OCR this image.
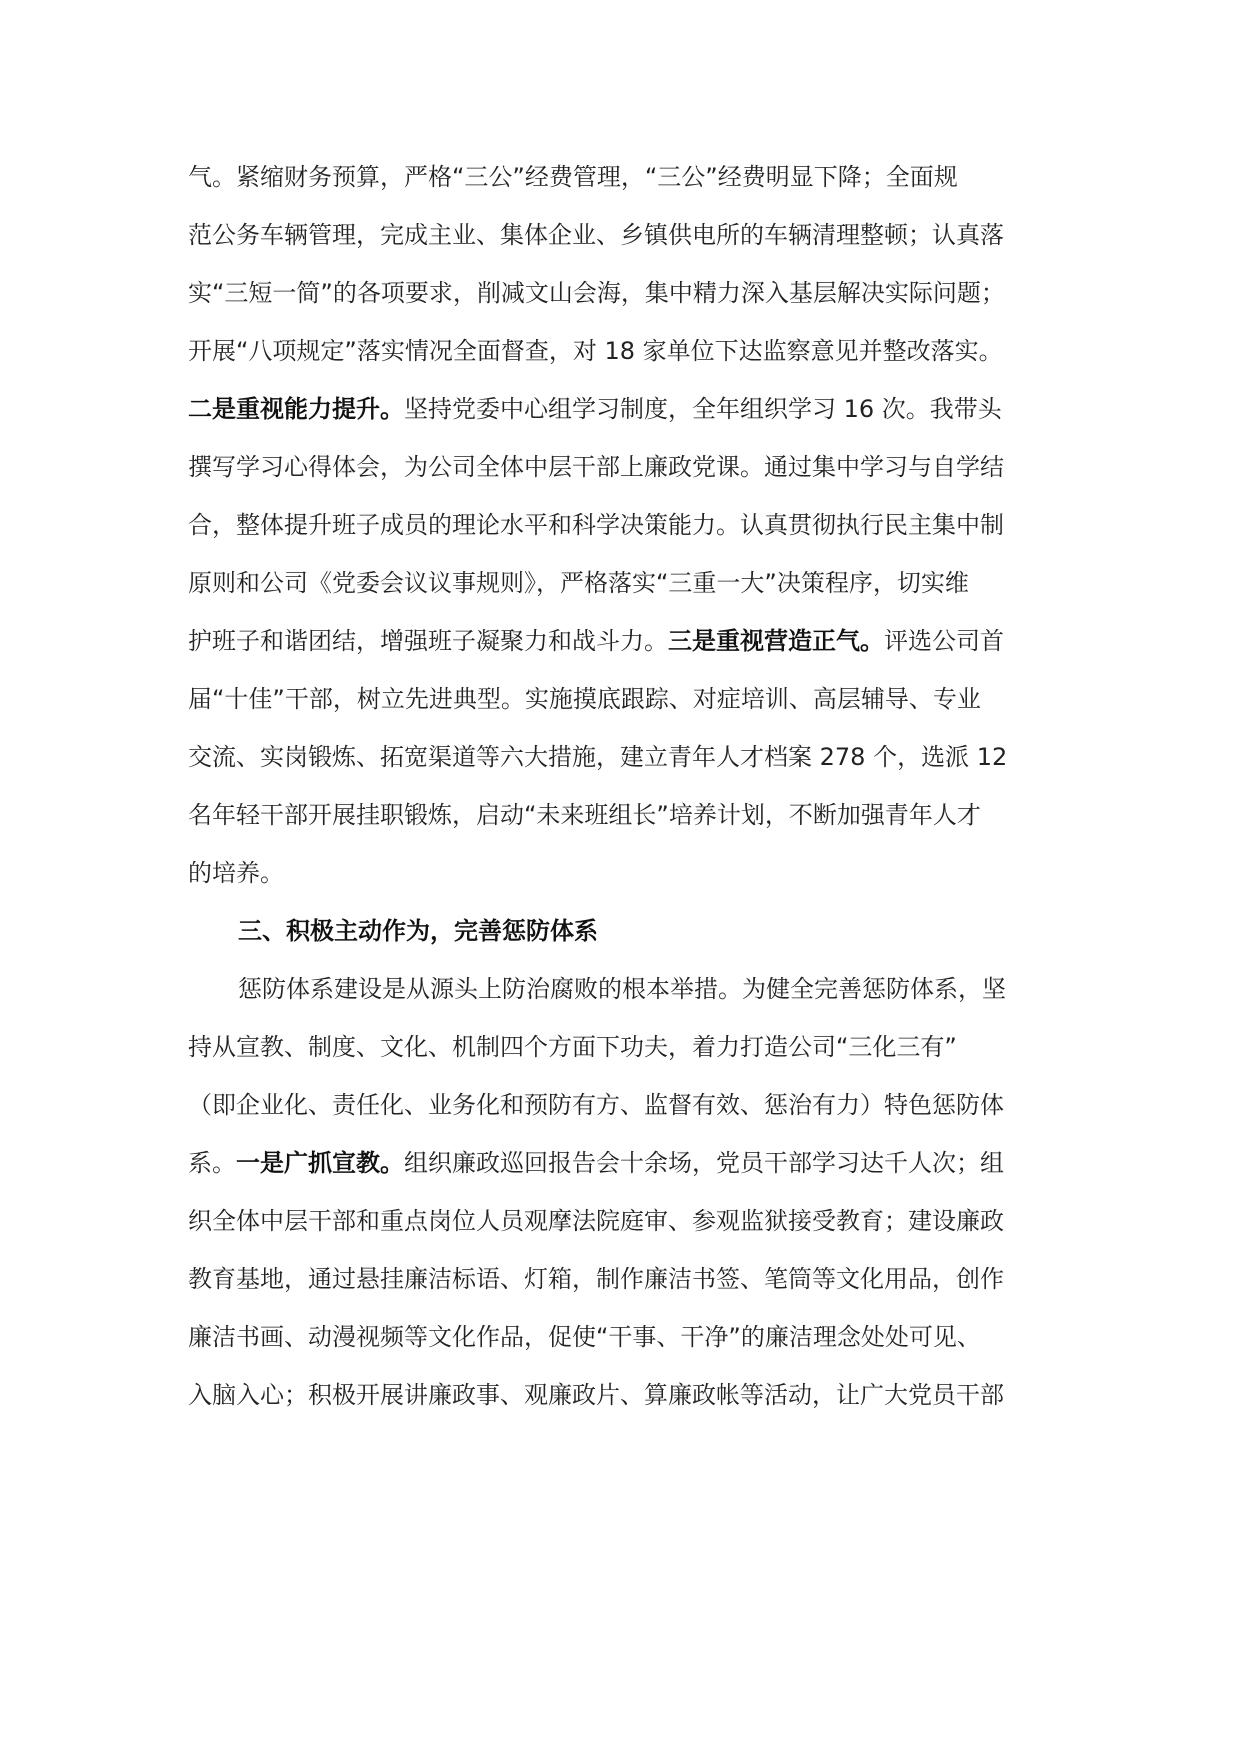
气。紧缩财务预算，严格“三公”经费管理，“三公”经费明显下降；全面规
范公务车辆管理，完成主业、集体企业、乡镇供电所的车辆清理整顿；认真落
实“三短一简”的各项要求，削减文山会海，集中精力深入基层解决实际问题；
开展“八项规定”落实情况全面督查，对 18 家单位下达监察意见并整改落实。
二是重视能力提升。坚持党委中心组学习制度，全年组织学习 16 次。我带头
撰写学习心得体会，为公司全体中层干部上廉政党课。通过集中学习与自学结
合，整体提升班子成员的理论水平和科学决策能力。认真贯彻执行民主集中制
原则和公司《党委会议议事规则》，严格落实“三重一大”决策程序，切实维
护班子和谐团结，增强班子凝聚力和战斗力。三是重视营造正气。评选公司首
届“十佳”干部，树立先进典型。实施摸底跟踪、对症培训、高层辅导、专业
交流、实岗锻炼、拓宽渠道等六大措施，建立青年人才档案 278 个，选派 12
名年轻干部开展挂职锻炼，启动“未来班组长”培养计划，不断加强青年人才
的培养。
三、积极主动作为，完善惩防体系
惩防体系建设是从源头上防治腐败的根本举措。为健全完善惩防体系，坚
持从宣教、制度、文化、机制四个方面下功夫，着力打造公司“三化三有”
（即企业化、责任化、业务化和预防有方、监督有效、惩治有力）特色惩防体
系。一是广抓宣教。组织廉政巡回报告会十余场，党员干部学习达千人次；组
织全体中层干部和重点岗位人员观摩法院庭审、参观监狱接受教育；建设廉政
教育基地，通过悬挂廉洁标语、灯箱，制作廉洁书签、笔筒等文化用品，创作
廉洁书画、动漫视频等文化作品，促使“干事、干净”的廉洁理念处处可见、
入脑入心；积极开展讲廉政事、观廉政片、算廉政帐等活动，让广大党员干部
